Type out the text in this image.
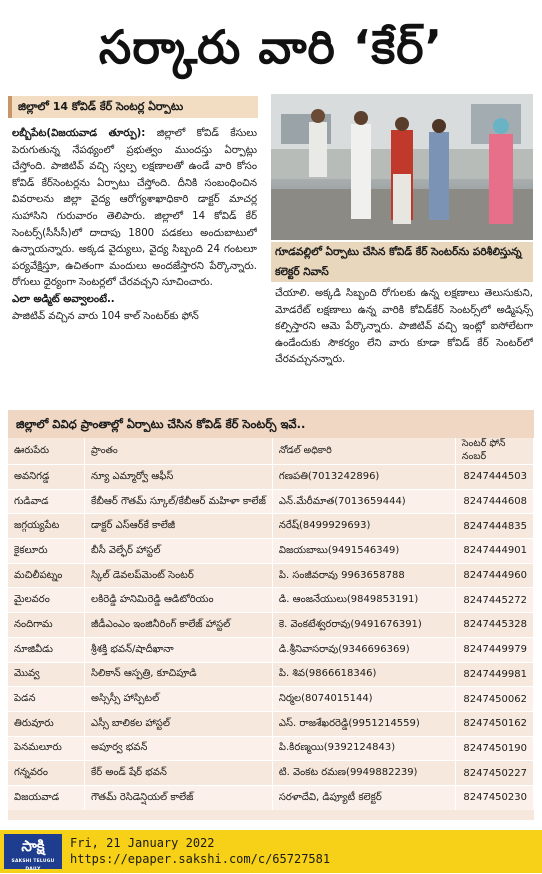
సర్కారు వారి ‘కేర్’
జిల్లాలో 14 కోవిడ్ కేర్ సెంటర్ల ఏర్పాటు

లబ్బీపేట(విజయవాడ తూర్పు): జిల్లాలో కోవిడ్ కేసులు పెరుగుతున్న నేపథ్యంలో ప్రభుత్వం ముందస్తు ఏర్పాట్లు చేస్తోంది. పాజిటివ్ వచ్చి స్వల్ప లక్షణాలతో ఉండే వారి కోసం కోవిడ్ కేర్‌సెంటర్లను ఏర్పాటు చేస్తోంది. దీనికి సంబంధించిన వివరాలను జిల్లా వైద్య ఆరోగ్యశాఖాధికారి డాక్టర్ మాచర్ల సుహాసిని గురువారం తెలిపారు. జిల్లాలో 14 కోవిడ్ కేర్ సెంటర్స్(సీసీసీ)లో దాదాపు 1800 పడకలు అందుబాటులో ఉన్నాయన్నారు. అక్కడ వైద్యులు, వైద్య సిబ్బంది 24 గంటలూ పర్యవేక్షిస్తూ, ఉచితంగా మందులు అందజేస్తారని పేర్కొన్నారు. రోగులు ధైర్యంగా సెంటర్లలో చేరవచ్చని సూచించారు.

ఎలా అడ్మిట్ అవ్వాలంటే..

పాజిటివ్ వచ్చిన వారు 104 కాల్ సెంటర్‌కు ఫోన్

గూడవల్లిలో ఏర్పాటు చేసిన కోవిడ్ కేర్ సెంటర్‌ను పరిశీలిస్తున్న కలెక్టర్ నివాస్

చేయాలి. అక్కడి సిబ్బంది రోగులకు ఉన్న లక్షణాలు తెలుసుకుని, మోడరేట్ లక్షణాలు ఉన్న వారికి కోవిడ్‌కేర్ సెంటర్స్‌లో అడ్మిషన్స్ కల్పిస్తారని ఆమె పేర్కొన్నారు. పాజిటివ్ వచ్చి ఇంట్లో ఐసోలేటగా ఉండేందుకు సౌకర్యం లేని వారు కూడా కోవిడ్ కేర్ సెంటర్‌లో చేరవచ్చునన్నారు.

జిల్లాలో వివిధ ప్రాంతాల్లో ఏర్పాటు చేసిన కోవిడ్ కేర్ సెంటర్స్ ఇవే..
ఊరుపేరు	ప్రాంతం	నోడల్ అధికారి	సెంటర్ ఫోన్ నంబర్
అవనిగడ్డ	న్యూ ఎమ్మార్వో ఆఫీస్	గణపతి(7013242896)	8247444503
గుడివాడ	కేబీఆర్ గౌతమ్ స్కూల్/కేబీఆర్ మహిళా కాలేజ్	ఎన్.మేరీమాత(7013659444)	8247444608
జగ్గయ్యపేట	డాక్టర్ ఎస్ఆర్‌కే కాలేజీ	నరేష్(8499929693)	8247444835
కైకలూరు	బీసీ వెల్ఫేర్ హాస్టల్	విజయబాబు(9491546349)	8247444901
మచిలీపట్నం	స్కిల్ డెవలప్‌మెంట్ సెంటర్	పి. సంజీవరావు 9963658788	8247444960
మైలవరం	లకిరెడ్డి హనిమిరెడ్డి ఆడిటోరియం	డి. ఆంజనేయులు(9849853191)	8247445272
నందిగామ	జీడీఎంఎం ఇంజినీరింగ్ కాలేజ్ హాస్టల్	కె. వెంకటేశ్వరరావు(9491676391)	8247445328
నూజివీడు	శ్రీశక్తి భవన్/షాదీఖానా	డి.శ్రీనివాసరావు(9346696369)	8247449979
మొవ్వ	సిలికాన్ ఆస్పత్రి, కూచిపూడి	పి. శివ(9866618346)	8247449981
పెడన	అస్సిస్సీ హాస్పిటల్	నిర్మల(8074015144)	8247450062
తిరువూరు	ఎస్సీ బాలికల హాస్టల్	ఎస్. రాజశేఖరరెడ్డి(9951214559)	8247450162
పెనమలూరు	అపూర్వ భవన్	పి.కిరణ్మయి(9392124843)	8247450190
గన్నవరం	కేర్ అండ్ షేర్ భవన్	టి. వెంకట రమణ(9949882239)	8247450227
విజయవాడ	గౌతమ్ రెసిడెన్షియల్ కాలేజ్	సరళాదేవి, డిప్యూటీ కలెక్టర్	8247450230
సాక్షి
SAKSHI TELUGU DAILY
Fri, 21 January 2022
https://epaper.sakshi.com/c/65727581
